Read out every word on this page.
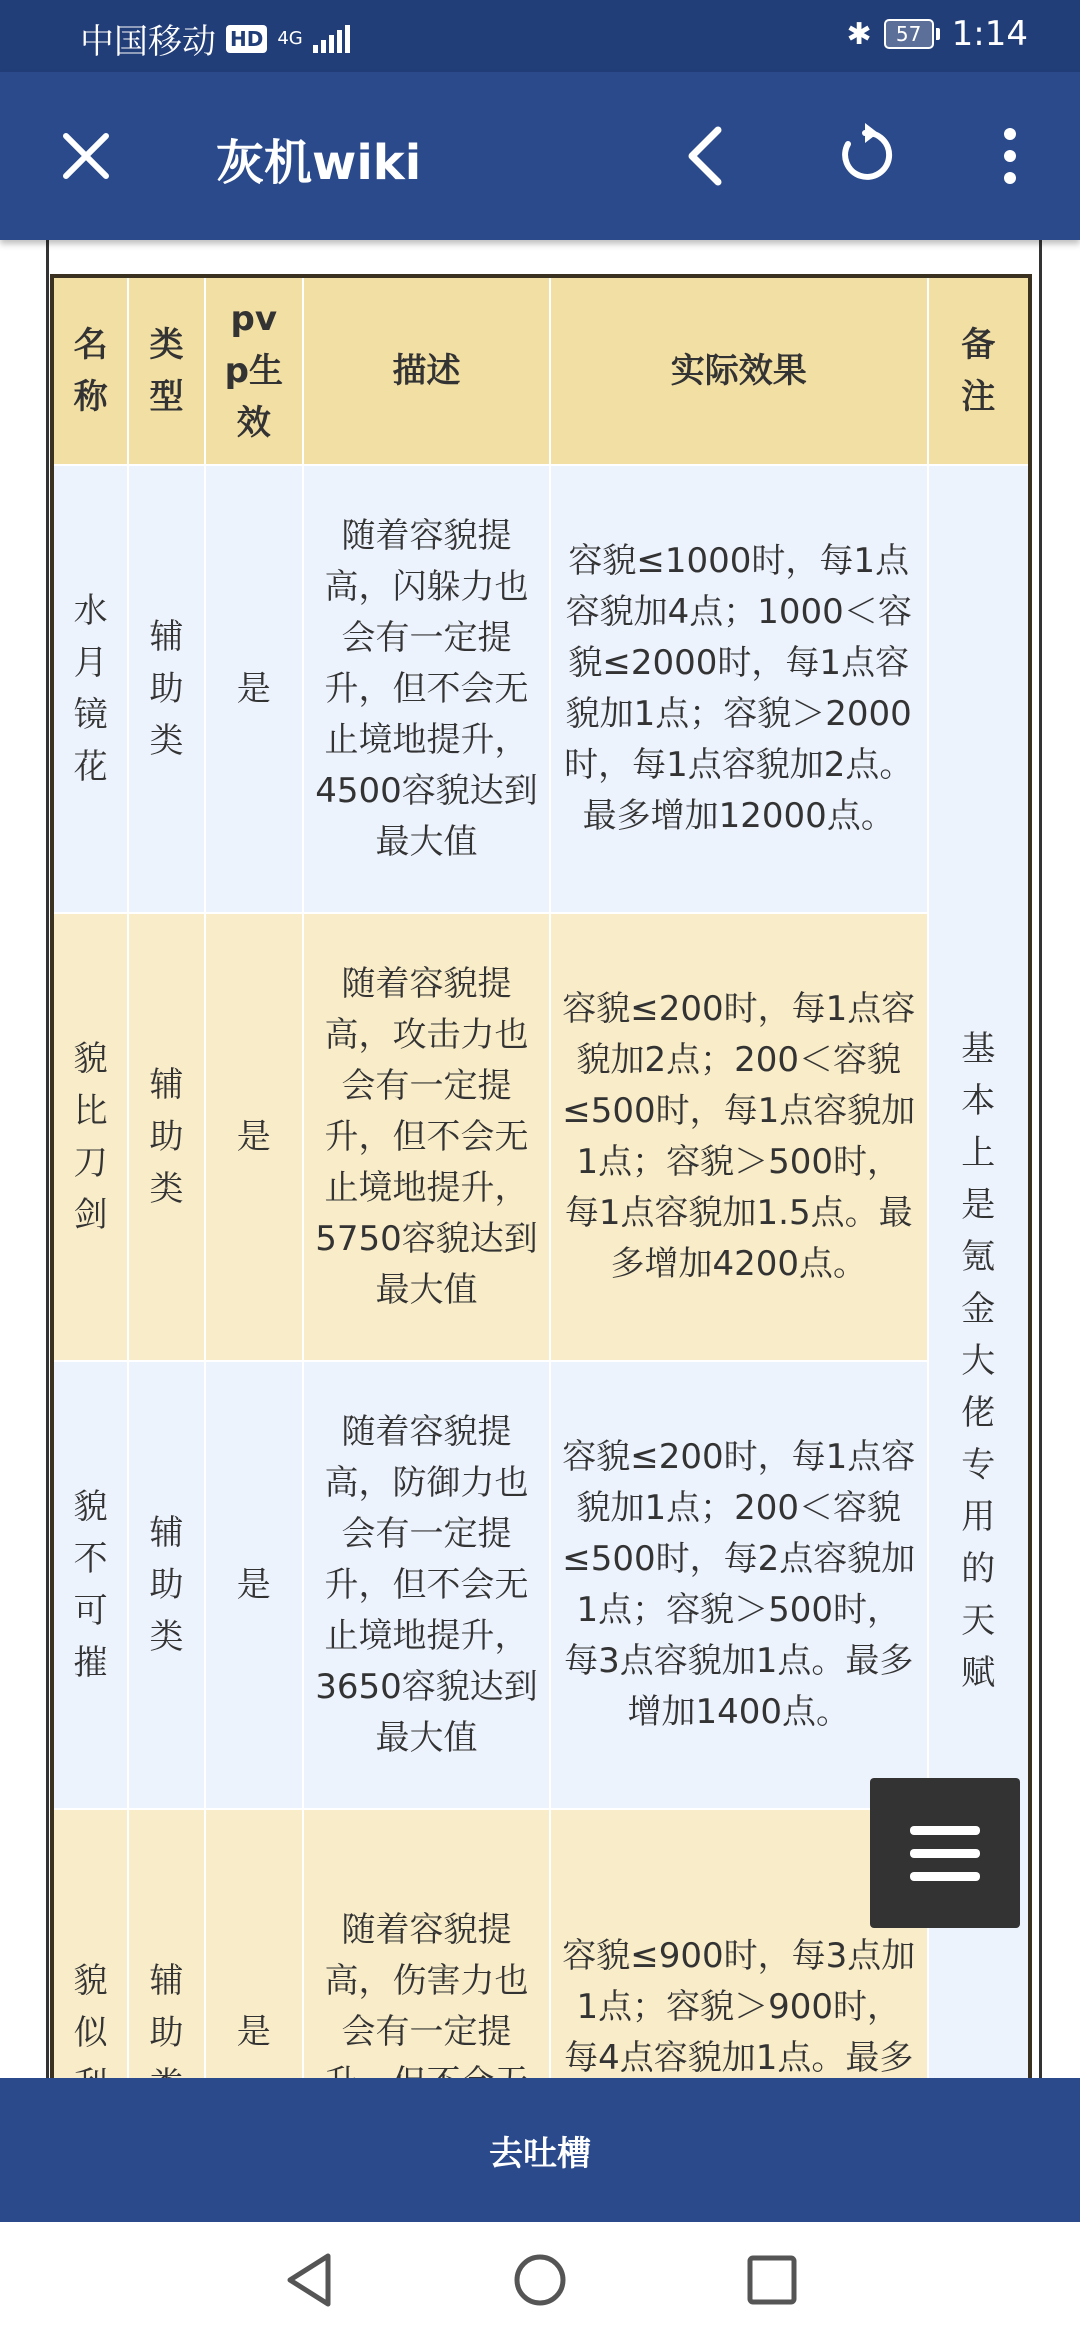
中国移动 HD 4G	✱	57 1:14
灰机wiki
名称	类型	pvp生效	描述	实际效果	备注
水月镜花	辅助类	是	随着容貌提高，闪躲力也会有一定提升，但不会无止境地提升，4500容貌达到最大值	容貌≤1000时，每1点容貌加4点；1000＜容貌≤2000时，每1点容貌加1点；容貌＞2000时，每1点容貌加2点。最多增加12000点。	基本上是氪金大佬专用的天赋
貌比刀剑	辅助类	是	随着容貌提高，攻击力也会有一定提升，但不会无止境地提升，5750容貌达到最大值	容貌≤200时，每1点容貌加2点；200＜容貌≤500时，每1点容貌加1点；容貌＞500时，每1点容貌加1.5点。最多增加4200点。	
貌不可摧	辅助类	是	随着容貌提高，防御力也会有一定提升，但不会无止境地提升，3650容貌达到最大值	容貌≤200时，每1点容貌加1点；200＜容貌≤500时，每2点容貌加1点；容貌＞500时，每3点容貌加1点。最多增加1400点。	
貌似	辅助	是	随着容貌提高，伤害力也会有一定提	容貌≤900时，每3点加1点；容貌＞900时，每4点容貌加1点。最多	
去吐槽
